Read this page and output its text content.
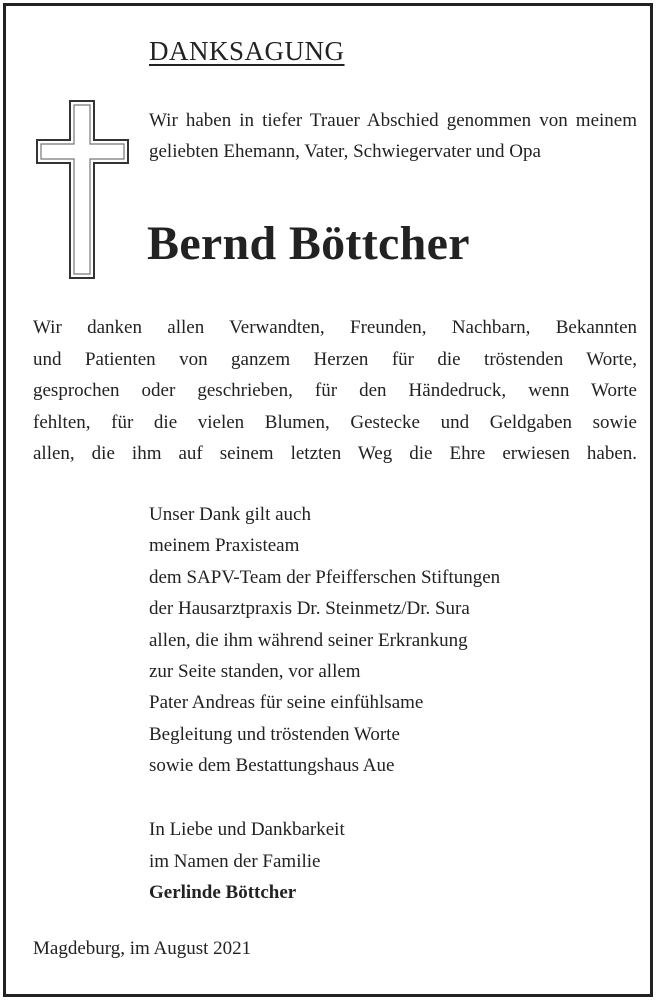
DANKSAGUNG

Wir haben in tiefer Trauer Abschied genommen von meinem geliebten Ehemann, Vater, Schwiegervater und Opa

Bernd Böttcher
Wir danken allen Verwandten, Freunden, Nachbarn, Bekannten
und Patienten von ganzem Herzen für die tröstenden Worte,
gesprochen oder geschrieben, für den Händedruck, wenn Worte
fehlten, für die vielen Blumen, Gestecke und Geldgaben sowie
allen, die ihm auf seinem letzten Weg die Ehre erwiesen haben.
Unser Dank gilt auch
meinem Praxisteam
dem SAPV-Team der Pfeifferschen Stiftungen
der Hausarztpraxis Dr. Steinmetz/Dr. Sura
allen, die ihm während seiner Erkrankung
zur Seite standen, vor allem
Pater Andreas für seine einfühlsame
Begleitung und tröstenden Worte
sowie dem Bestattungshaus Aue
In Liebe und Dankbarkeit
im Namen der Familie
Gerlinde Böttcher
Magdeburg, im August 2021
